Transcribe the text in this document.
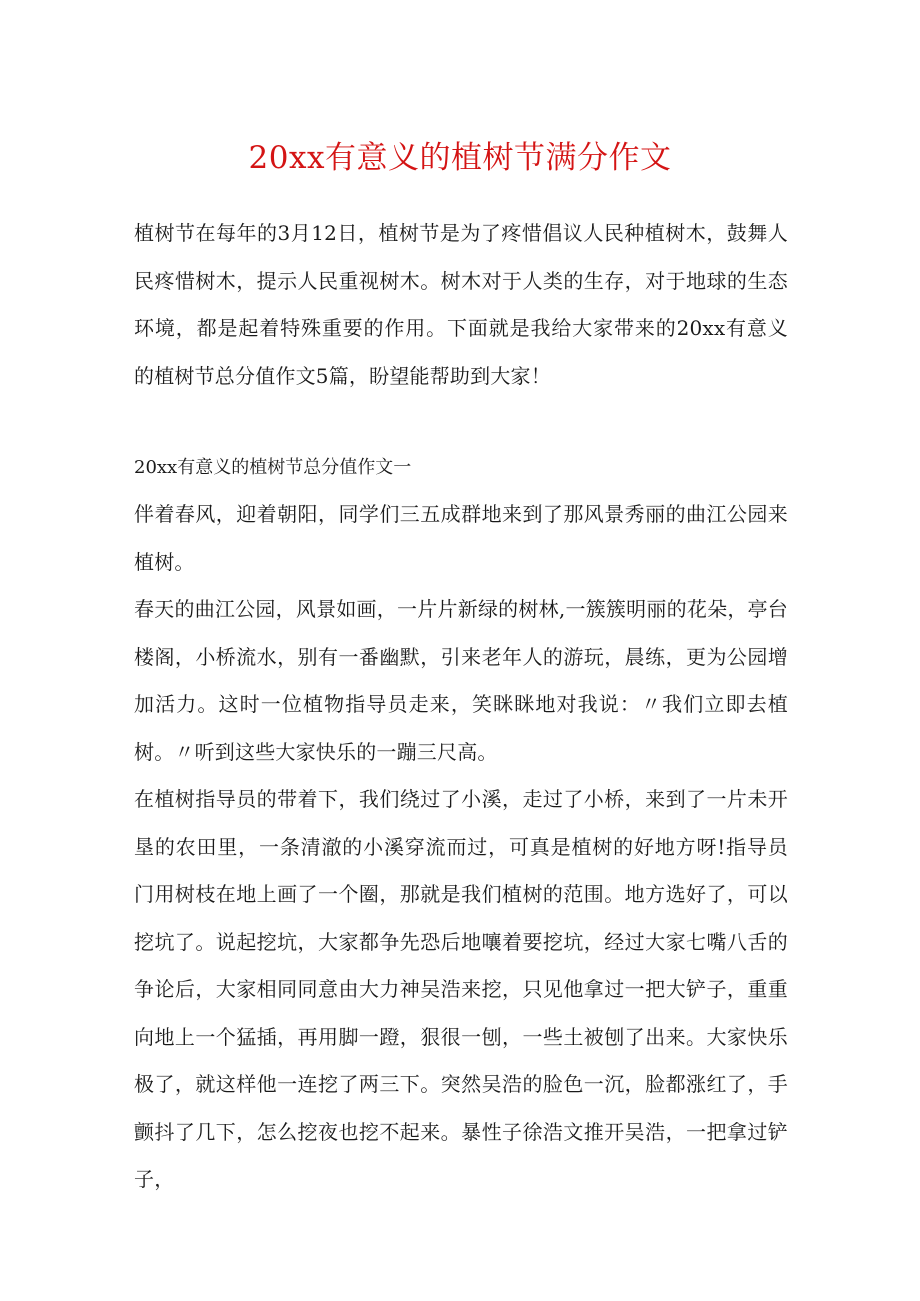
20xx有意义的植树节满分作文

植树节在每年的3月12日，植树节是为了疼惜倡议人民种植树木，鼓舞人民疼惜树木，提示人民重视树木。树木对于人类的生存，对于地球的生态环境，都是起着特殊重要的作用。下面就是我给大家带来的20xx有意义的植树节总分值作文5篇，盼望能帮助到大家！

20xx有意义的植树节总分值作文一

伴着春风，迎着朝阳，同学们三五成群地来到了那风景秀丽的曲江公园来植树。

春天的曲江公园，风景如画，一片片新绿的树林,一簇簇明丽的花朵，亭台楼阁，小桥流水，别有一番幽默，引来老年人的游玩，晨练，更为公园增加活力。这时一位植物指导员走来，笑眯眯地对我说：〃我们立即去植树。〃听到这些大家快乐的一蹦三尺高。

在植树指导员的带着下，我们绕过了小溪，走过了小桥，来到了一片未开垦的农田里，一条清澈的小溪穿流而过，可真是植树的好地方呀!指导员门用树枝在地上画了一个圈，那就是我们植树的范围。地方选好了，可以挖坑了。说起挖坑，大家都争先恐后地嚷着要挖坑，经过大家七嘴八舌的争论后，大家相同同意由大力神吴浩来挖，只见他拿过一把大铲子，重重向地上一个猛插，再用脚一蹬，狠很一刨，一些土被刨了出来。大家快乐极了，就这样他一连挖了两三下。突然吴浩的脸色一沉，脸都涨红了，手颤抖了几下，怎么挖夜也挖不起来。暴性子徐浩文推开吴浩，一把拿过铲子，
